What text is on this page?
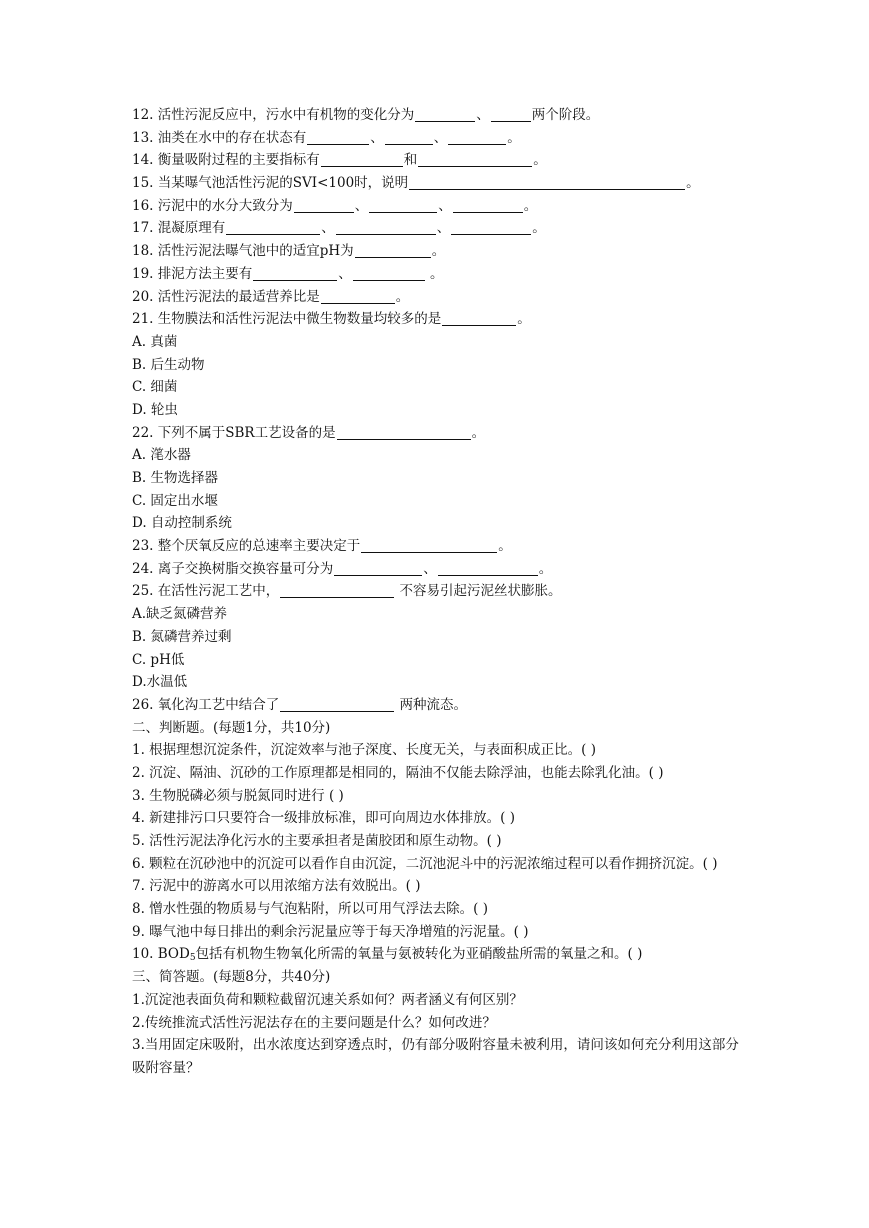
12. 活性污泥反应中，污水中有机物的变化分为	、	两个阶段。
13. 油类在水中的存在状态有	、	、	。
14. 衡量吸附过程的主要指标有	和	。
15. 当某曝气池活性污泥的SVI<100时，说明	。
16. 污泥中的水分大致分为	、	、	。
17. 混凝原理有	、	、	。
18. 活性污泥法曝气池中的适宜pH为	。
19. 排泥方法主要有	、	。
20. 活性污泥法的最适营养比是	。
21. 生物膜法和活性污泥法中微生物数量均较多的是	。
A. 真菌
B. 后生动物
C. 细菌
D. 轮虫
22. 下列不属于SBR工艺设备的是	。
A. 滗水器
B. 生物选择器
C. 固定出水堰
D. 自动控制系统
23. 整个厌氧反应的总速率主要决定于	。
24. 离子交换树脂交换容量可分为	、	。
25. 在活性污泥工艺中，	不容易引起污泥丝状膨胀。
A.缺乏氮磷营养
B. 氮磷营养过剩
C. pH低
D.水温低
26. 氧化沟工艺中结合了	两种流态。
二、判断题。(每题1分，共10分)
1. 根据理想沉淀条件，沉淀效率与池子深度、长度无关，与表面积成正比。( )
2. 沉淀、隔油、沉砂的工作原理都是相同的，隔油不仅能去除浮油，也能去除乳化油。( )
3. 生物脱磷必须与脱氮同时进行 ( )
4. 新建排污口只要符合一级排放标准，即可向周边水体排放。( )
5. 活性污泥法净化污水的主要承担者是菌胶团和原生动物。( )
6. 颗粒在沉砂池中的沉淀可以看作自由沉淀，二沉池泥斗中的污泥浓缩过程可以看作拥挤沉淀。( )
7. 污泥中的游离水可以用浓缩方法有效脱出。( )
8. 憎水性强的物质易与气泡粘附，所以可用气浮法去除。( )
9. 曝气池中每日排出的剩余污泥量应等于每天净增殖的污泥量。( )
10. $BOD_5$包括有机物生物氧化所需的氧量与氨被转化为亚硝酸盐所需的氧量之和。( )
三、简答题。(每题8分，共40分)
1.沉淀池表面负荷和颗粒截留沉速关系如何？两者涵义有何区别？
2.传统推流式活性污泥法存在的主要问题是什么？如何改进？
3.当用固定床吸附，出水浓度达到穿透点时，仍有部分吸附容量未被利用，请问该如何充分利用这部分吸附容量？
